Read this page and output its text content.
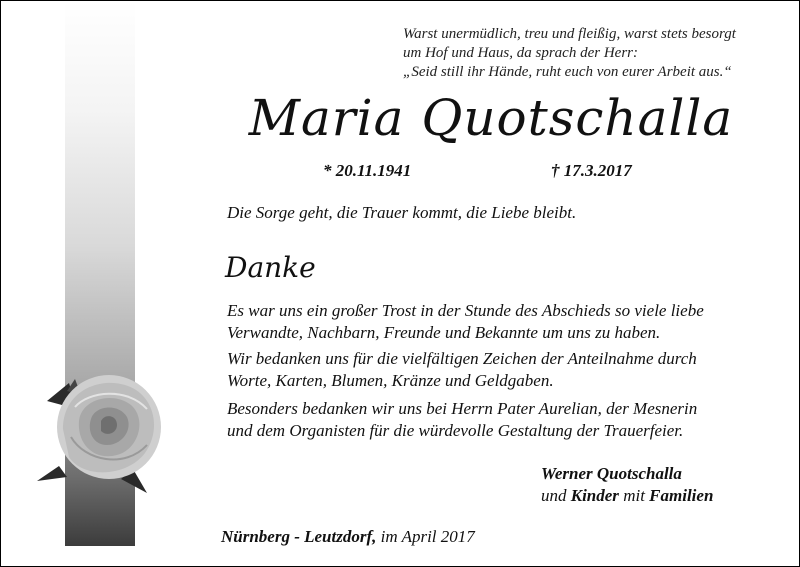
Warst unermüdlich, treu und fleißig, warst stets besorgt
um Hof und Haus, da sprach der Herr:
„Seid still ihr Hände, ruht euch von eurer Arbeit aus.“
Maria Quotschalla
* 20.11.1941	† 17.3.2017
Die Sorge geht, die Trauer kommt, die Liebe bleibt.
Danke
Es war uns ein großer Trost in der Stunde des Abschieds so viele liebe
Verwandte, Nachbarn, Freunde und Bekannte um uns zu haben.
Wir bedanken uns für die vielfältigen Zeichen der Anteilnahme durch
Worte, Karten, Blumen, Kränze und Geldgaben.
Besonders bedanken wir uns bei Herrn Pater Aurelian, der Mesnerin
und dem Organisten für die würdevolle Gestaltung der Trauerfeier.
Werner Quotschalla
und Kinder mit Familien
Nürnberg - Leutzdorf, im April 2017
